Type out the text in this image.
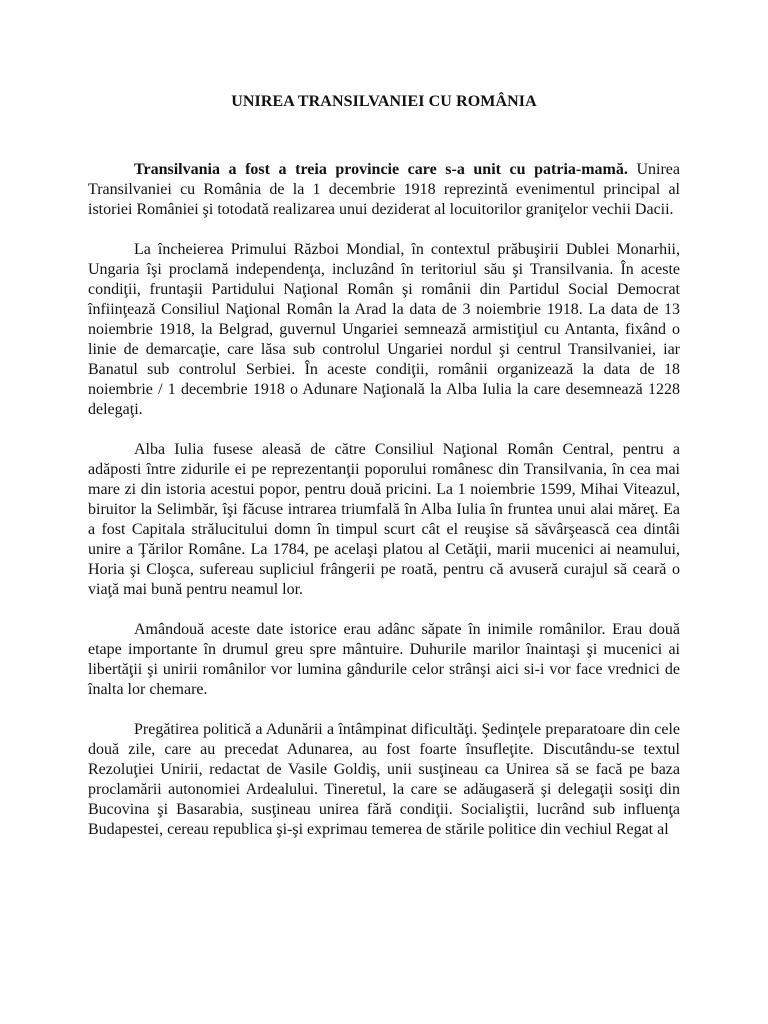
UNIREA TRANSILVANIEI CU ROMÂNIA

Transilvania a fost a treia provincie care s-a unit cu patria-mamă. Unirea Transilvaniei cu România de la 1 decembrie 1918 reprezintă evenimentul principal al istoriei României şi totodată realizarea unui deziderat al locuitorilor graniţelor vechii Dacii.

La încheierea Primului Război Mondial, în contextul prăbuşirii Dublei Monarhii, Ungaria îşi proclamă independenţa, incluzând în teritoriul său şi Transilvania. În aceste condiţii, fruntaşii Partidului Naţional Român şi românii din Partidul Social Democrat înfiinţează Consiliul Naţional Român la Arad la data de 3 noiembrie 1918. La data de 13 noiembrie 1918, la Belgrad, guvernul Ungariei semnează armistiţiul cu Antanta, fixând o linie de demarcaţie, care lăsa sub controlul Ungariei nordul şi centrul Transilvaniei, iar Banatul sub controlul Serbiei. În aceste condiţii, românii organizează la data de 18 noiembrie / 1 decembrie 1918 o Adunare Naţională la Alba Iulia la care desemnează 1228 delegaţi.

Alba Iulia fusese aleasă de către Consiliul Naţional Român Central, pentru a adăposti între zidurile ei pe reprezentanţii poporului românesc din Transilvania, în cea mai mare zi din istoria acestui popor, pentru două pricini. La 1 noiembrie 1599, Mihai Viteazul, biruitor la Selimbăr, îşi făcuse intrarea triumfală în Alba Iulia în fruntea unui alai măreţ. Ea a fost Capitala strălucitului domn în timpul scurt cât el reuşise să săvârşească cea dintâi unire a Ţărilor Române. La 1784, pe acelaşi platou al Cetăţii, marii mucenici ai neamului, Horia şi Cloşca, sufereau supliciul frângerii pe roată, pentru că avuseră curajul să ceară o viaţă mai bună pentru neamul lor.

Amândouă aceste date istorice erau adânc săpate în inimile românilor. Erau două etape importante în drumul greu spre mântuire. Duhurile marilor înaintaşi şi mucenici ai libertăţii şi unirii românilor vor lumina gândurile celor strânşi aici si-i vor face vrednici de înalta lor chemare.

Pregătirea politică a Adunării a întâmpinat dificultăţi. Şedinţele preparatoare din cele două zile, care au precedat Adunarea, au fost foarte însufleţite. Discutându-se textul Rezoluţiei Unirii, redactat de Vasile Goldiş, unii susţineau ca Unirea să se facă pe baza proclamării autonomiei Ardealului. Tineretul, la care se adăugaseră şi delegaţii sosiţi din Bucovina şi Basarabia, susţineau unirea fără condiţii. Socialiştii, lucrând sub influenţa Budapestei, cereau republica şi-şi exprimau temerea de stările politice din vechiul Regat al
